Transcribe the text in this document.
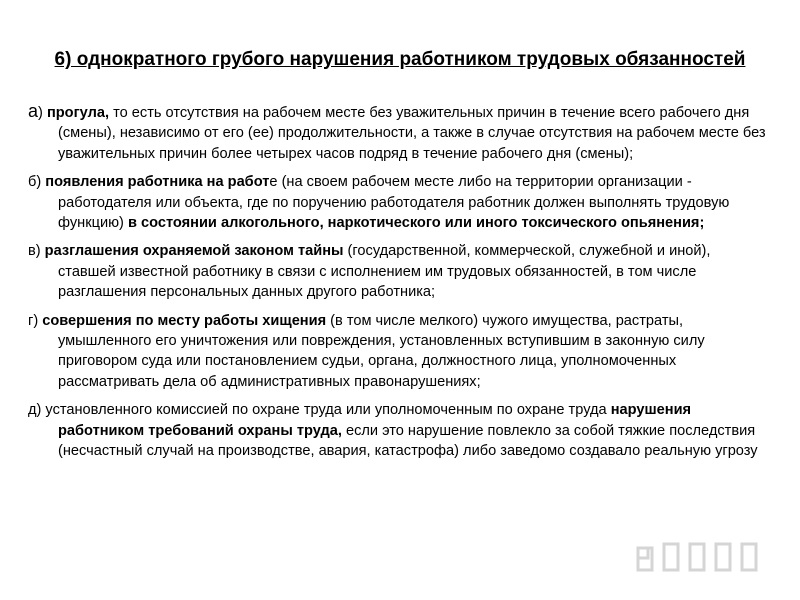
6) однократного грубого нарушения работником трудовых обязанностей

а) прогула, то есть отсутствия на рабочем месте без уважительных причин в течение всего рабочего дня (смены), независимо от его (ее) продолжительности, а также в случае отсутствия на рабочем месте без уважительных причин более четырех часов подряд в течение рабочего дня (смены);

б) появления работника на работе (на своем рабочем месте либо на территории организации - работодателя или объекта, где по поручению работодателя работник должен выполнять трудовую функцию) в состоянии алкогольного, наркотического или иного токсического опьянения;

в) разглашения охраняемой законом тайны (государственной, коммерческой, служебной и иной), ставшей известной работнику в связи с исполнением им трудовых обязанностей, в том числе разглашения персональных данных другого работника;

г) совершения по месту работы хищения (в том числе мелкого) чужого имущества, растраты, умышленного его уничтожения или повреждения, установленных вступившим в законную силу приговором суда или постановлением судьи, органа, должностного лица, уполномоченных рассматривать дела об административных правонарушениях;

д) установленного комиссией по охране труда или уполномоченным по охране труда нарушения работником требований охраны труда, если это нарушение повлекло за собой тяжкие последствия (несчастный случай на производстве, авария, катастрофа) либо заведомо создавало реальную угрозу
